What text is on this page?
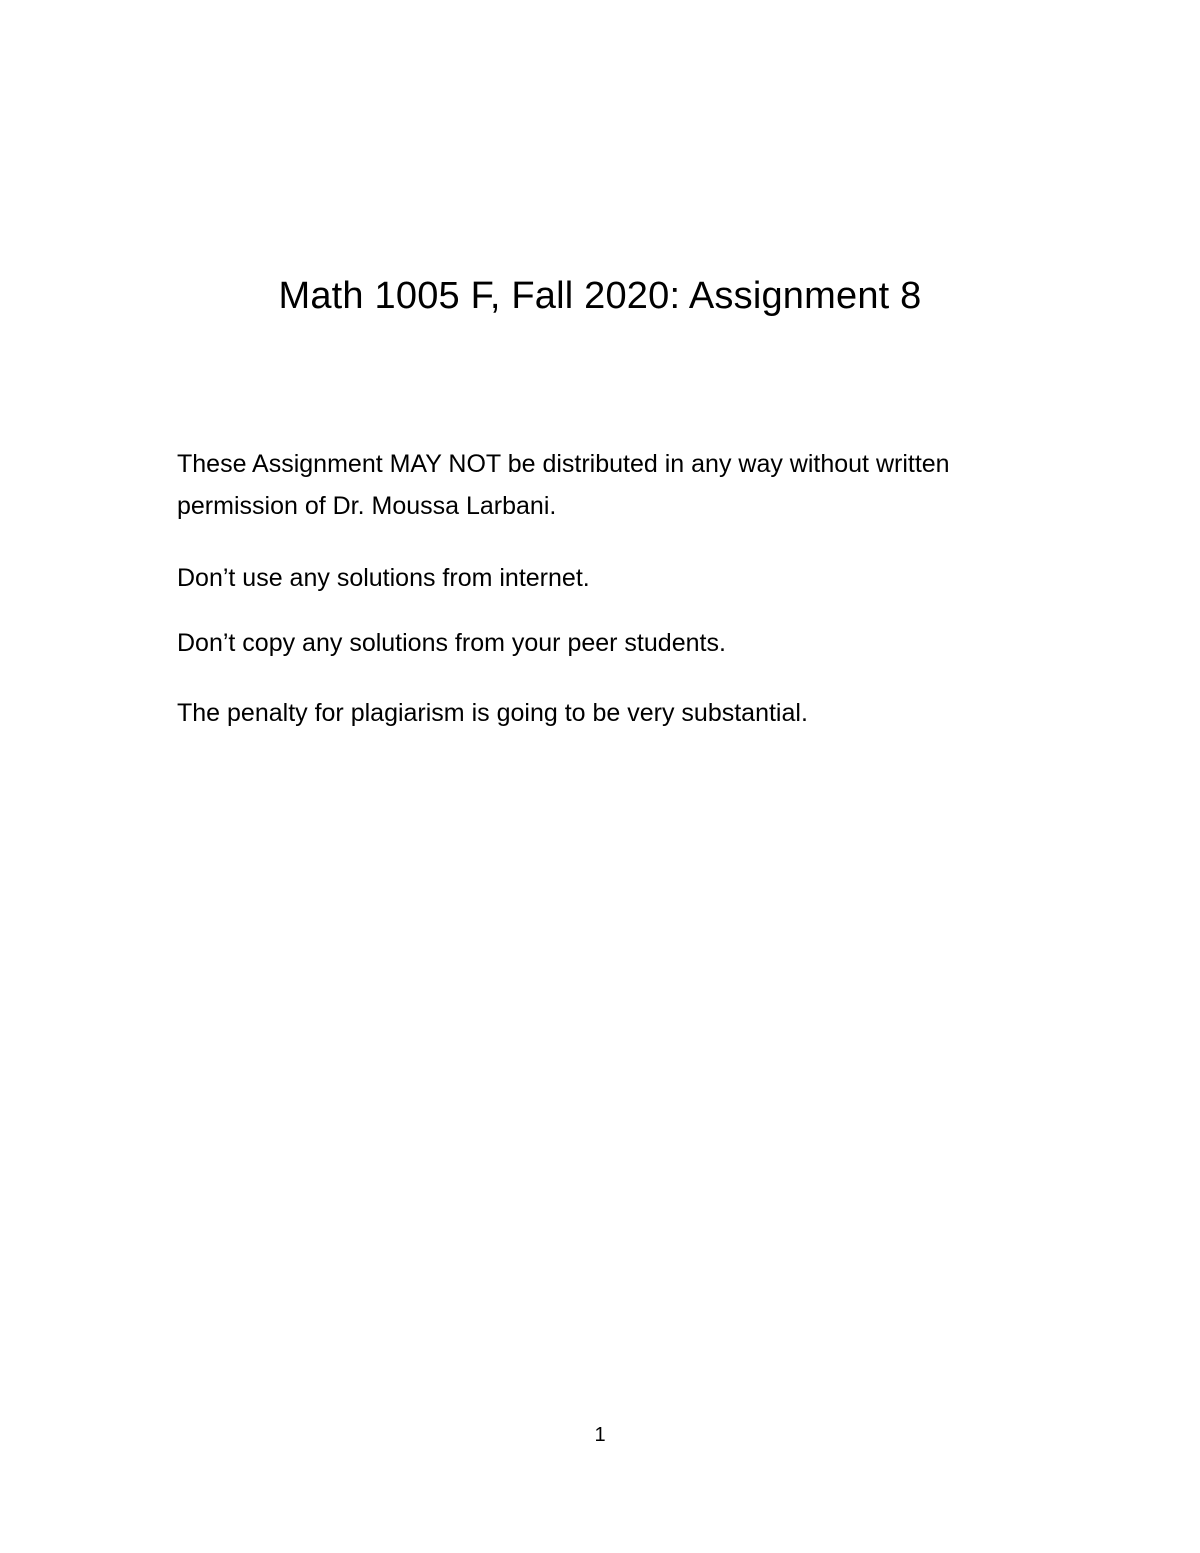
Math 1005 F, Fall 2020: Assignment 8

These Assignment MAY NOT be distributed in any way without written permission of Dr. Moussa Larbani.

Don’t use any solutions from internet.

Don’t copy any solutions from your peer students.

The penalty for plagiarism is going to be very substantial.

1
